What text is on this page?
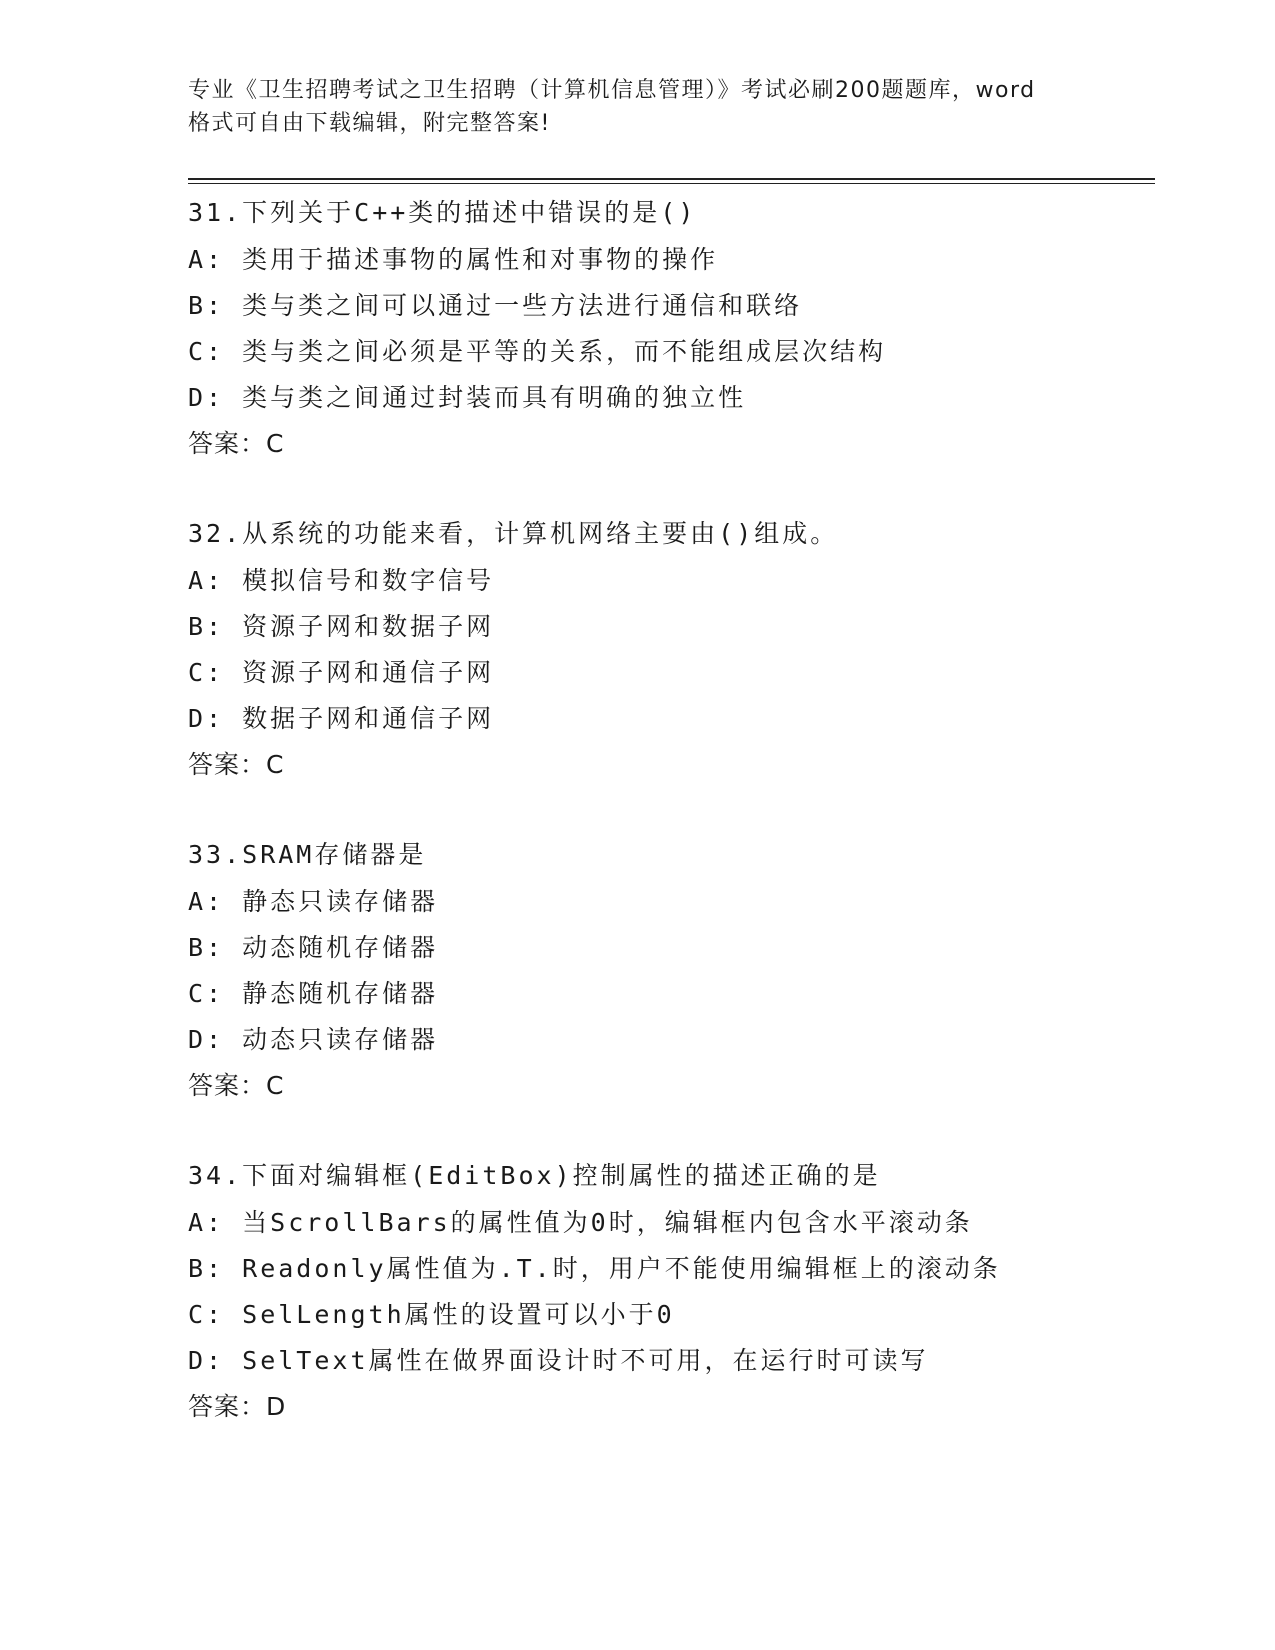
专业《卫生招聘考试之卫生招聘（计算机信息管理）》考试必刷200题题库，word
格式可自由下载编辑，附完整答案!
31.下列关于C++类的描述中错误的是()
A: 类用于描述事物的属性和对事物的操作
B: 类与类之间可以通过一些方法进行通信和联络
C: 类与类之间必须是平等的关系，而不能组成层次结构
D: 类与类之间通过封装而具有明确的独立性
答案：C
32.从系统的功能来看，计算机网络主要由()组成。
A: 模拟信号和数字信号
B: 资源子网和数据子网
C: 资源子网和通信子网
D: 数据子网和通信子网
答案：C
33.SRAM存储器是
A: 静态只读存储器
B: 动态随机存储器
C: 静态随机存储器
D: 动态只读存储器
答案：C
34.下面对编辑框(EditBox)控制属性的描述正确的是
A: 当ScrollBars的属性值为0时，编辑框内包含水平滚动条
B: Readonly属性值为.T.时，用户不能使用编辑框上的滚动条
C: SelLength属性的设置可以小于0
D: SelText属性在做界面设计时不可用，在运行时可读写
答案：D
